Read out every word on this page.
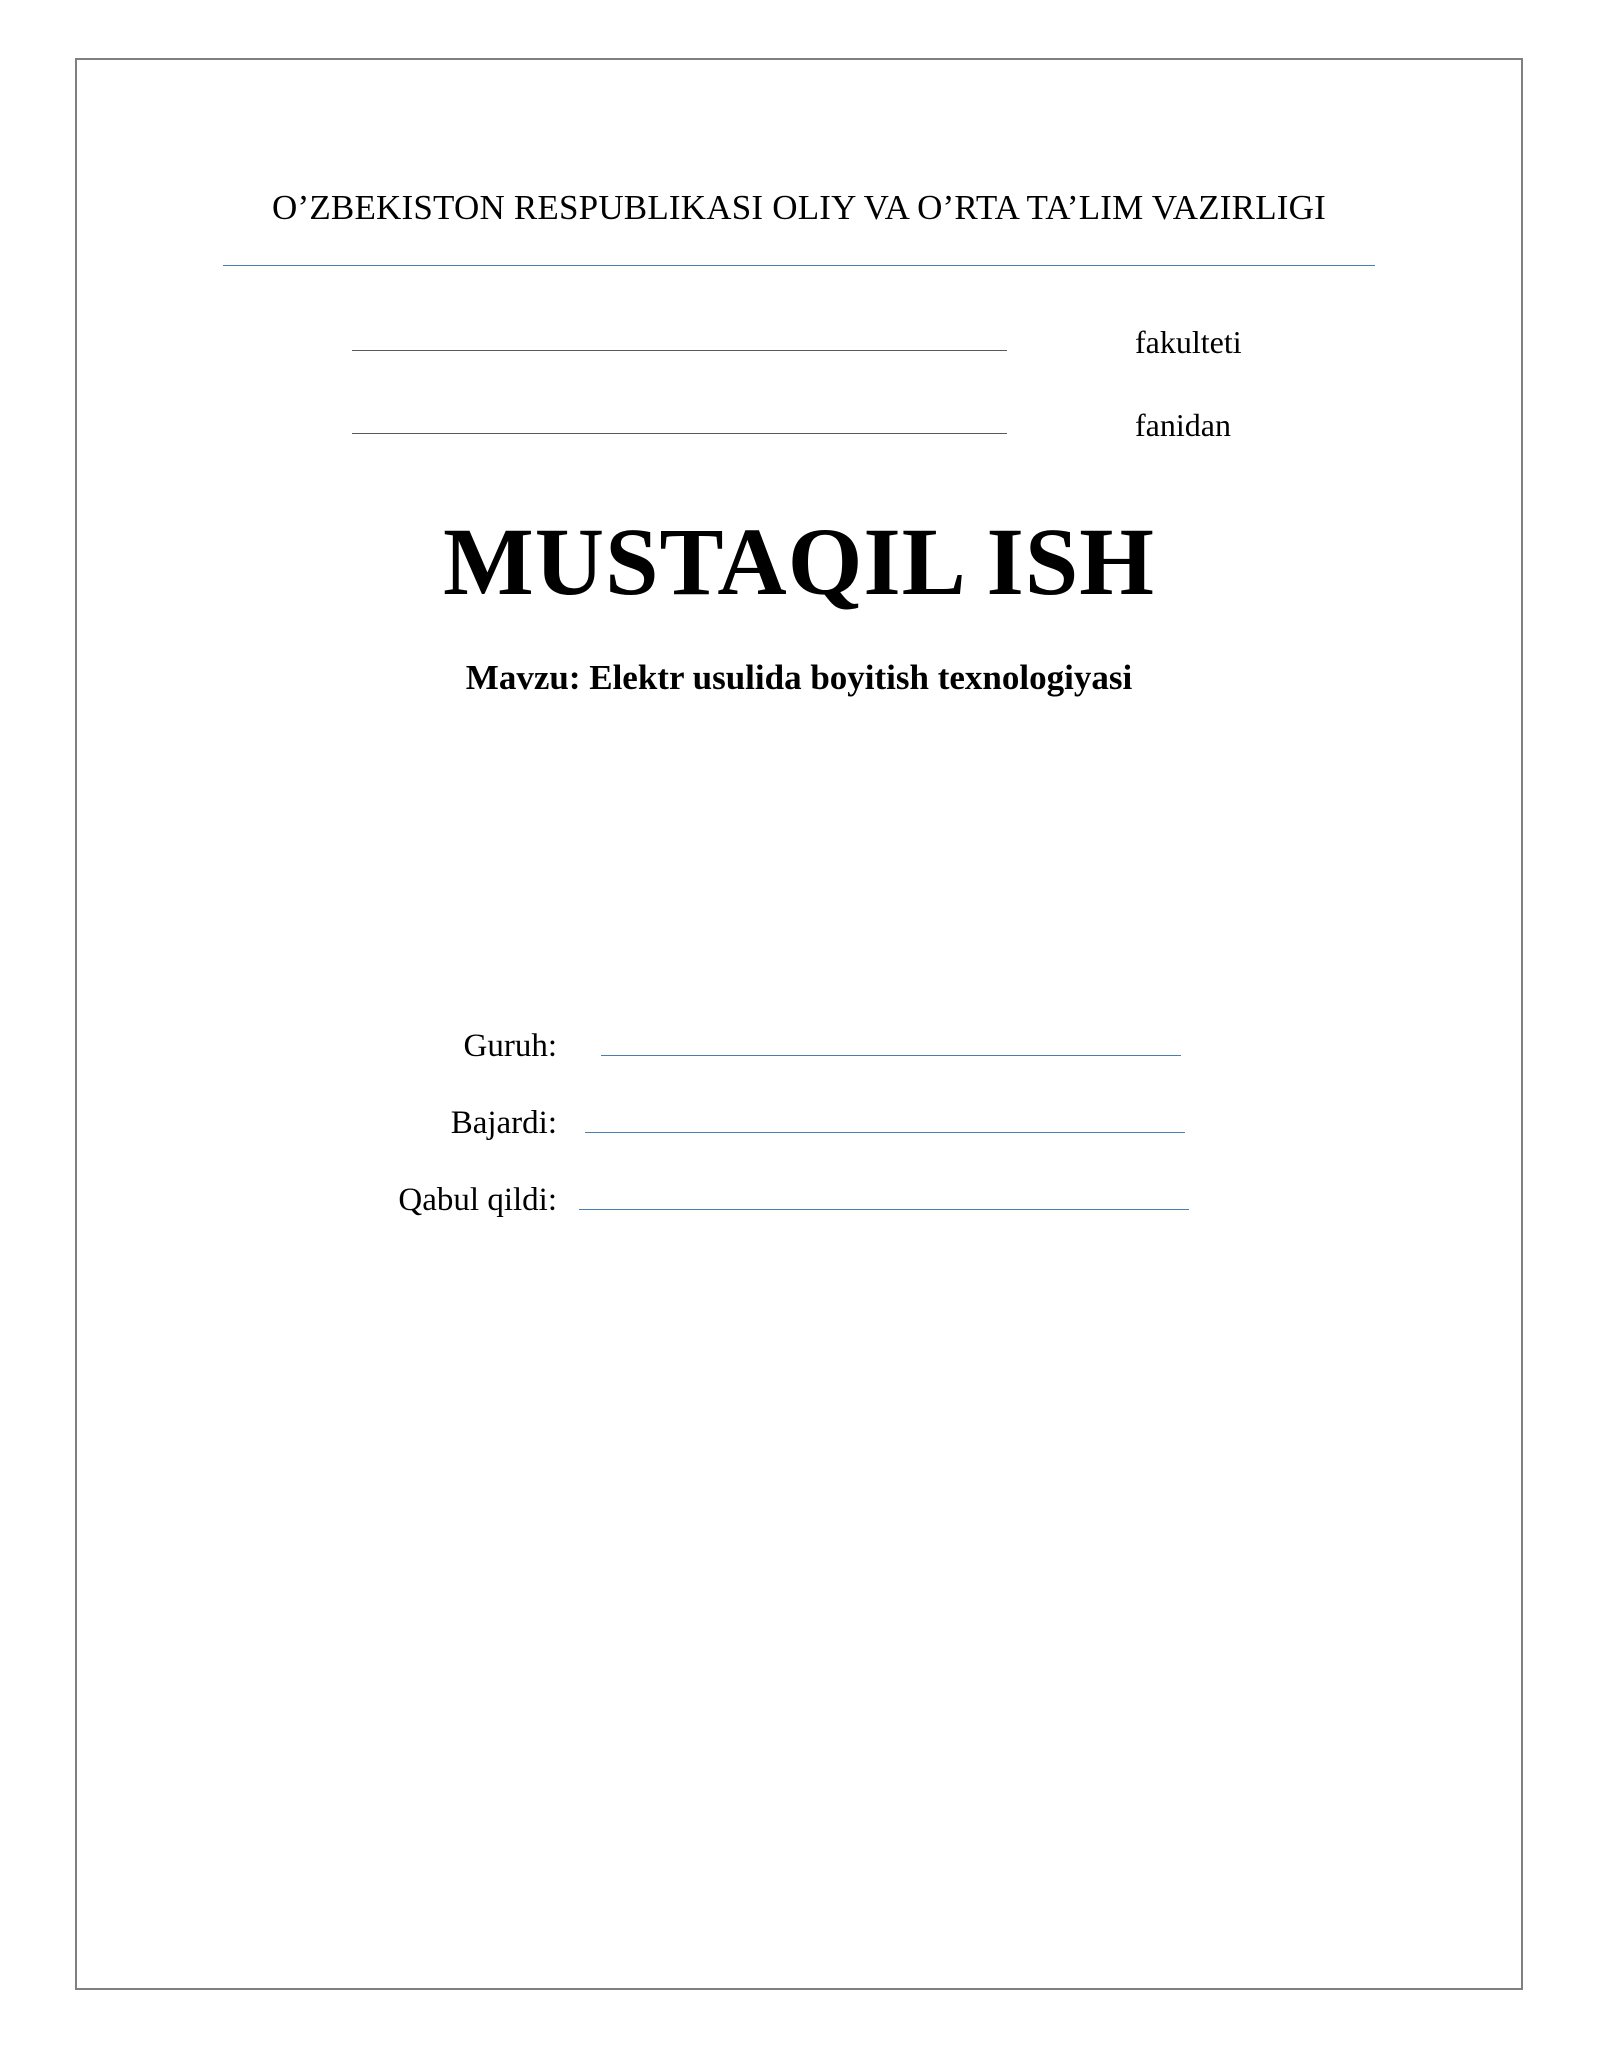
O’ZBEKISTON RESPUBLIKASI OLIY VA O’RTA TA’LIM VAZIRLIGI
fakulteti
fanidan
MUSTAQIL ISH
Mavzu: Elektr usulida boyitish texnologiyasi
Guruh:
Bajardi:
Qabul qildi:
